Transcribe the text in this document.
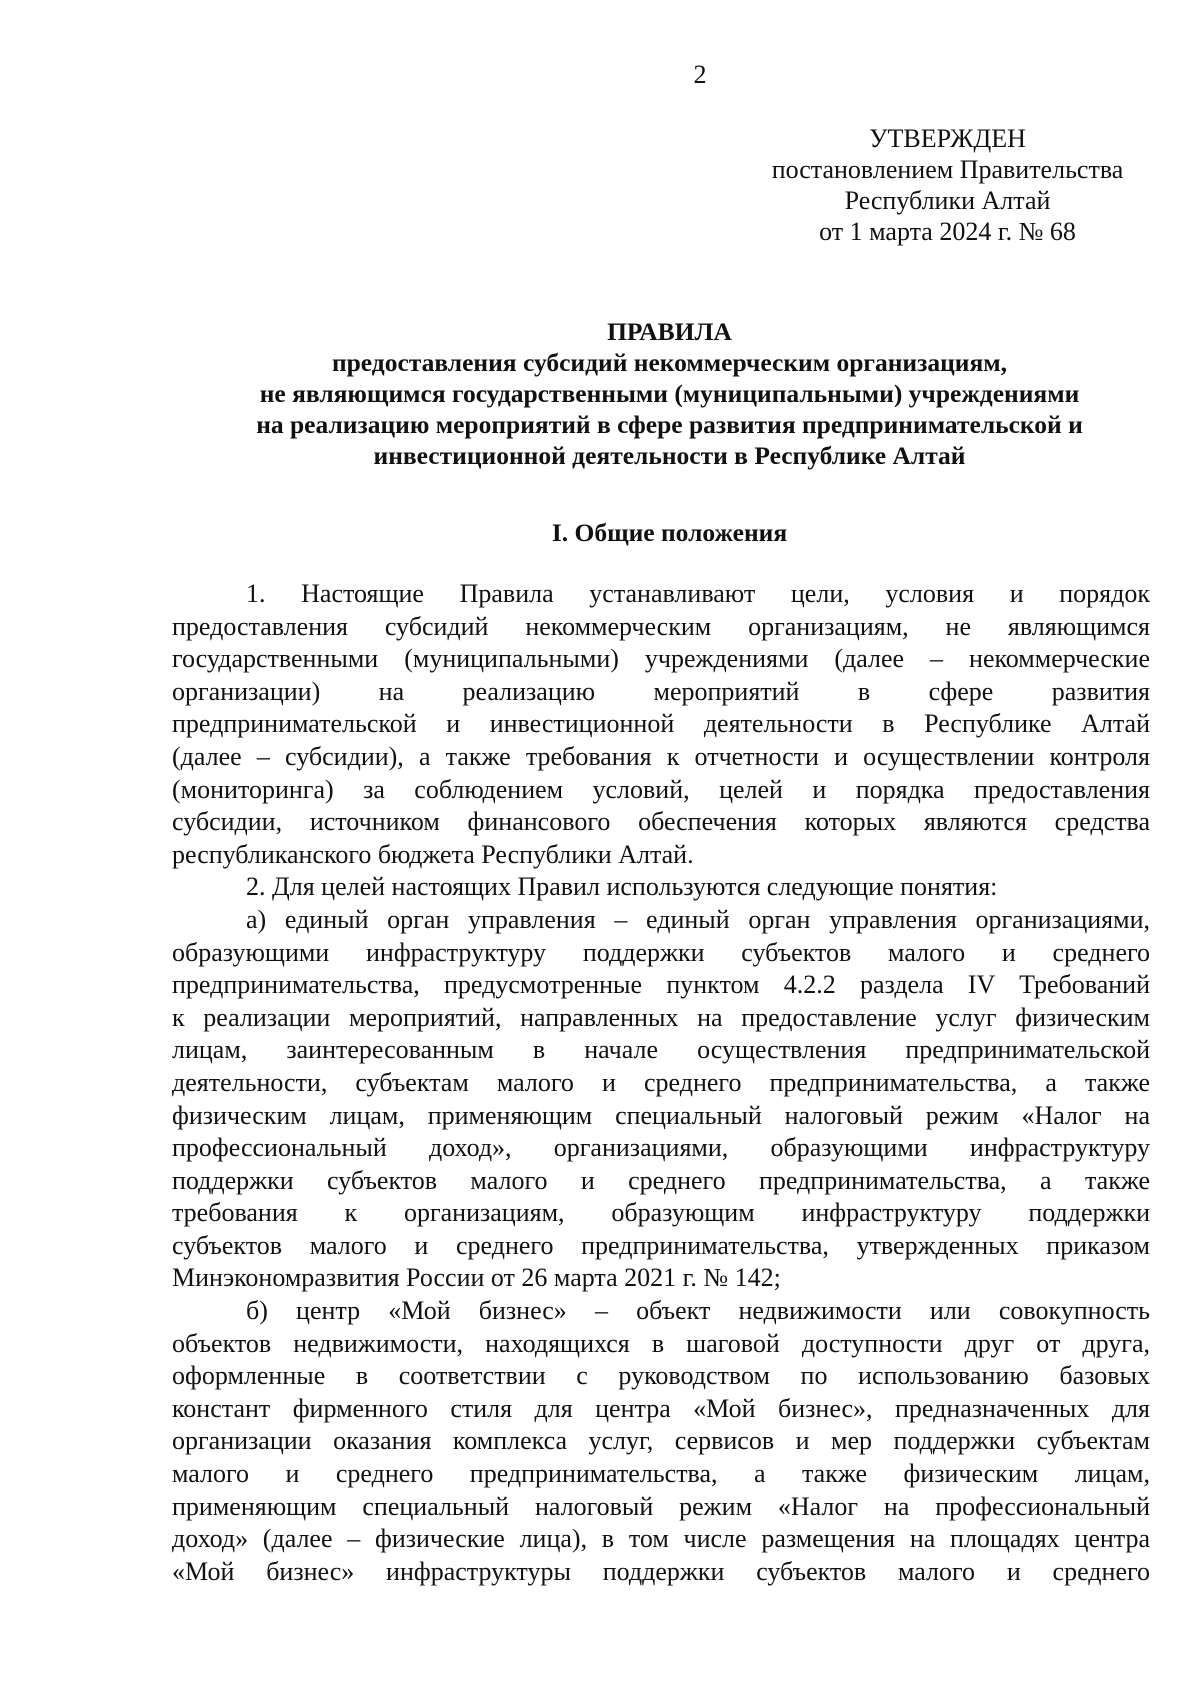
2
УТВЕРЖДЕН
постановлением Правительства
Республики Алтай
от 1 марта 2024 г. № 68
ПРАВИЛА
предоставления субсидий некоммерческим организациям,
не являющимся государственными (муниципальными) учреждениями
на реализацию мероприятий в сфере развития предпринимательской и
инвестиционной деятельности в Республике Алтай
I. Общие положения
1. Настоящие Правила устанавливают цели, условия и порядок
предоставления субсидий некоммерческим организациям, не являющимся
государственными (муниципальными) учреждениями (далее – некоммерческие
организации) на реализацию мероприятий в сфере развития
предпринимательской и инвестиционной деятельности в Республике Алтай
(далее – субсидии), а также требования к отчетности и осуществлении контроля
(мониторинга) за соблюдением условий, целей и порядка предоставления
субсидии, источником финансового обеспечения которых являются средства
республиканского бюджета Республики Алтай.
2. Для целей настоящих Правил используются следующие понятия:
а) единый орган управления – единый орган управления организациями,
образующими инфраструктуру поддержки субъектов малого и среднего
предпринимательства, предусмотренные пунктом 4.2.2 раздела IV Требований
к реализации мероприятий, направленных на предоставление услуг физическим
лицам, заинтересованным в начале осуществления предпринимательской
деятельности, субъектам малого и среднего предпринимательства, а также
физическим лицам, применяющим специальный налоговый режим «Налог на
профессиональный доход», организациями, образующими инфраструктуру
поддержки субъектов малого и среднего предпринимательства, а также
требования к организациям, образующим инфраструктуру поддержки
субъектов малого и среднего предпринимательства, утвержденных приказом
Минэкономразвития России от 26 марта 2021 г. № 142;
б) центр «Мой бизнес» – объект недвижимости или совокупность
объектов недвижимости, находящихся в шаговой доступности друг от друга,
оформленные в соответствии с руководством по использованию базовых
констант фирменного стиля для центра «Мой бизнес», предназначенных для
организации оказания комплекса услуг, сервисов и мер поддержки субъектам
малого и среднего предпринимательства, а также физическим лицам,
применяющим специальный налоговый режим «Налог на профессиональный
доход» (далее – физические лица), в том числе размещения на площадях центра
«Мой бизнес» инфраструктуры поддержки субъектов малого и среднего
